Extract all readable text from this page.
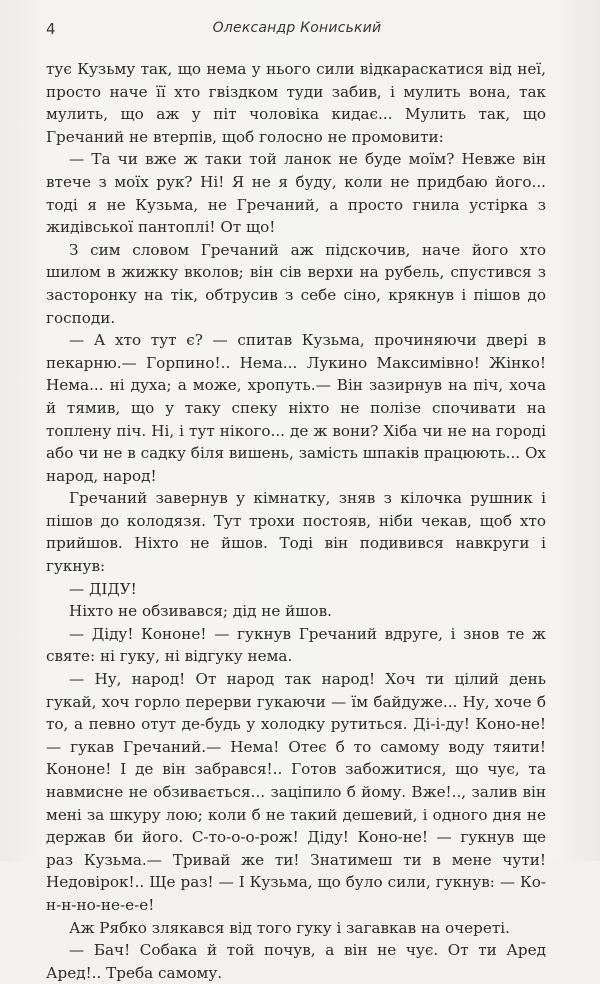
4	Олександр Кониський

тує Кузьму так, що нема у нього сили відкараскатися від неї, просто наче її хто гвіздком туди забив, і мулить вона, так мулить, що аж у піт чоловіка кидає... Мулить так, що Гречаний не втерпів, щоб голосно не промовити:

— Та чи вже ж таки той ланок не буде моїм? Невже він втече з моїх рук? Ні! Я не я буду, коли не придбаю його... тоді я не Кузьма, не Гречаний, а просто гнила устірка з жидівської пантоплі! От що!

З сим словом Гречаний аж підскочив, наче його хто шилом в жижку вколов; він сів верхи на рубель, спустився з засторонку на тік, обтрусив з себе сіно, крякнув і пішов до господи.

— А хто тут є? — спитав Кузьма, прочиняючи двері в пекарню.— Горпино!.. Нема... Лукино Максимівно! Жінко! Нема... ні духа; а може, хропуть.— Він зазирнув на піч, хоча й тямив, що у таку спеку ніхто не полізе спочивати на топлену піч. Ні, і тут нікого... де ж вони? Хіба чи не на городі або чи не в садку біля вишень, замість шпаків працюють... Ох народ, народ!

Гречаний завернув у кімнатку, зняв з кілочка рушник і пішов до колодязя. Тут трохи постояв, ніби чекав, щоб хто прийшов. Ніхто не йшов. Тоді він подивився навкруги і гукнув:

— ДІДУ!

Ніхто не обзивався; дід не йшов.

— Діду! Кононе! — гукнув Гречаний вдруге, і знов те ж святе: ні гуку, ні відгуку нема.

— Ну, народ! От народ так народ! Хоч ти цілий день гукай, хоч горло перерви гукаючи — їм байдуже... Ну, хоче б то, а певно отут де-будь у холодку рутиться. Ді-і-ду! Коно-не! — гукав Гречаний.— Нема! Отеє б то самому воду тяити! Кононе! І де він забрався!.. Готов забожитися, що чує, та навмисне не обзивається... заціпило б йому. Вже!.., залив він мені за шкуру лою; коли б не такий дешевий, і одного дня не держав би його. С-то-о-о-рож! Діду! Коно-не! — гукнув ще раз Кузьма.— Тривай же ти! Знатимеш ти в мене чути! Недовірок!.. Ще раз! — І Кузьма, що було сили, гукнув: — Ко-н-н-но-не-е-е!

Аж Рябко злякався від того гуку і загавкав на очереті.

— Бач! Собака й той почув, а він не чує. От ти Аред Аред!.. Треба самому.
